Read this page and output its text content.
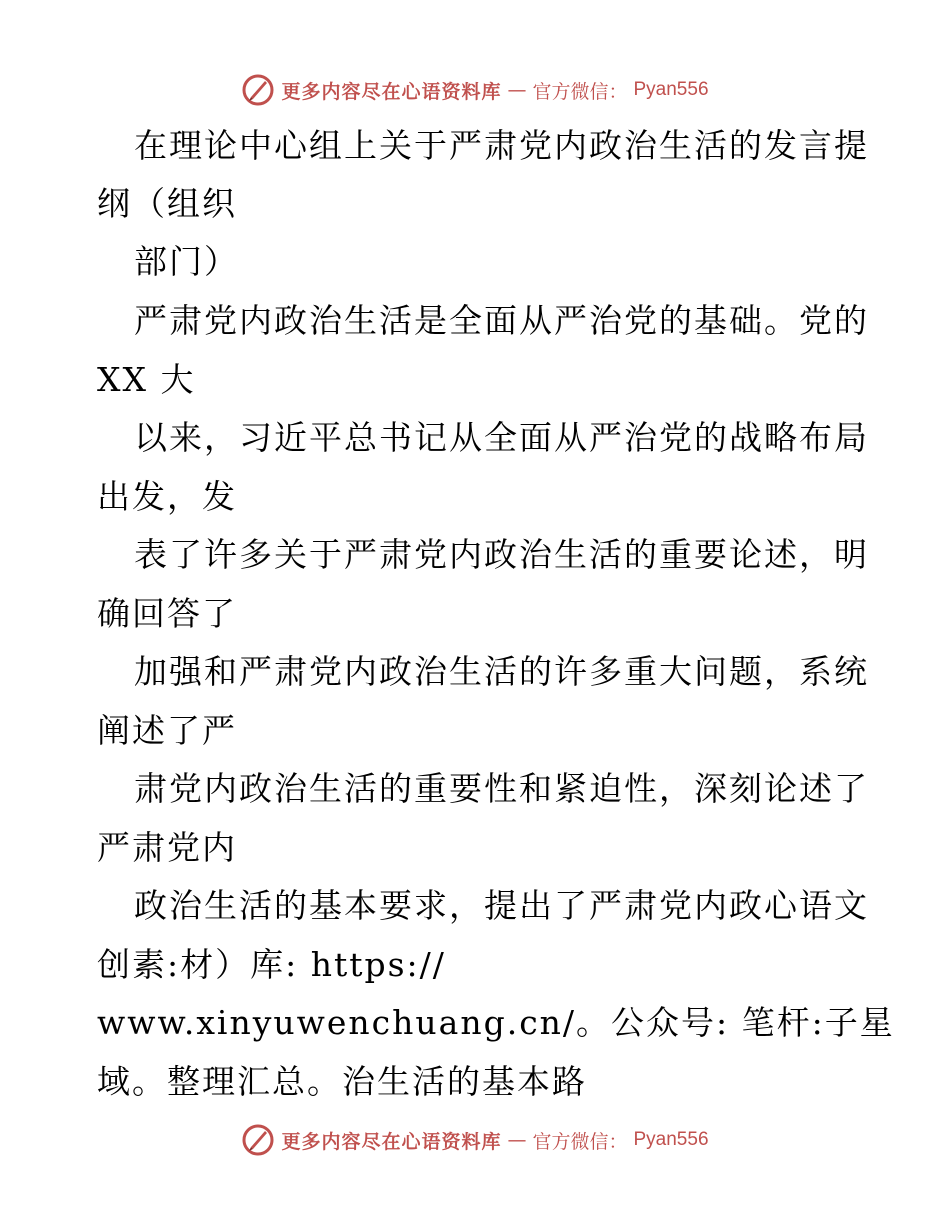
更多内容尽在心语资料库 — 官方微信： Pyan556
在理论中心组上关于严肃党内政治生活的发言提
纲（组织
部门）
严肃党内政治生活是全面从严治党的基础。党的
XX 大
以来，习近平总书记从全面从严治党的战略布局
出发，发
表了许多关于严肃党内政治生活的重要论述，明
确回答了
加强和严肃党内政治生活的许多重大问题，系统
阐述了严
肃党内政治生活的重要性和紧迫性，深刻论述了
严肃党内
政治生活的基本要求，提出了严肃党内政心语文
创素:材）库: https://
www.xinyuwenchuang.cn/。公众号: 笔杆:子星
域。整理汇总。治生活的基本路
更多内容尽在心语资料库 — 官方微信： Pyan556
